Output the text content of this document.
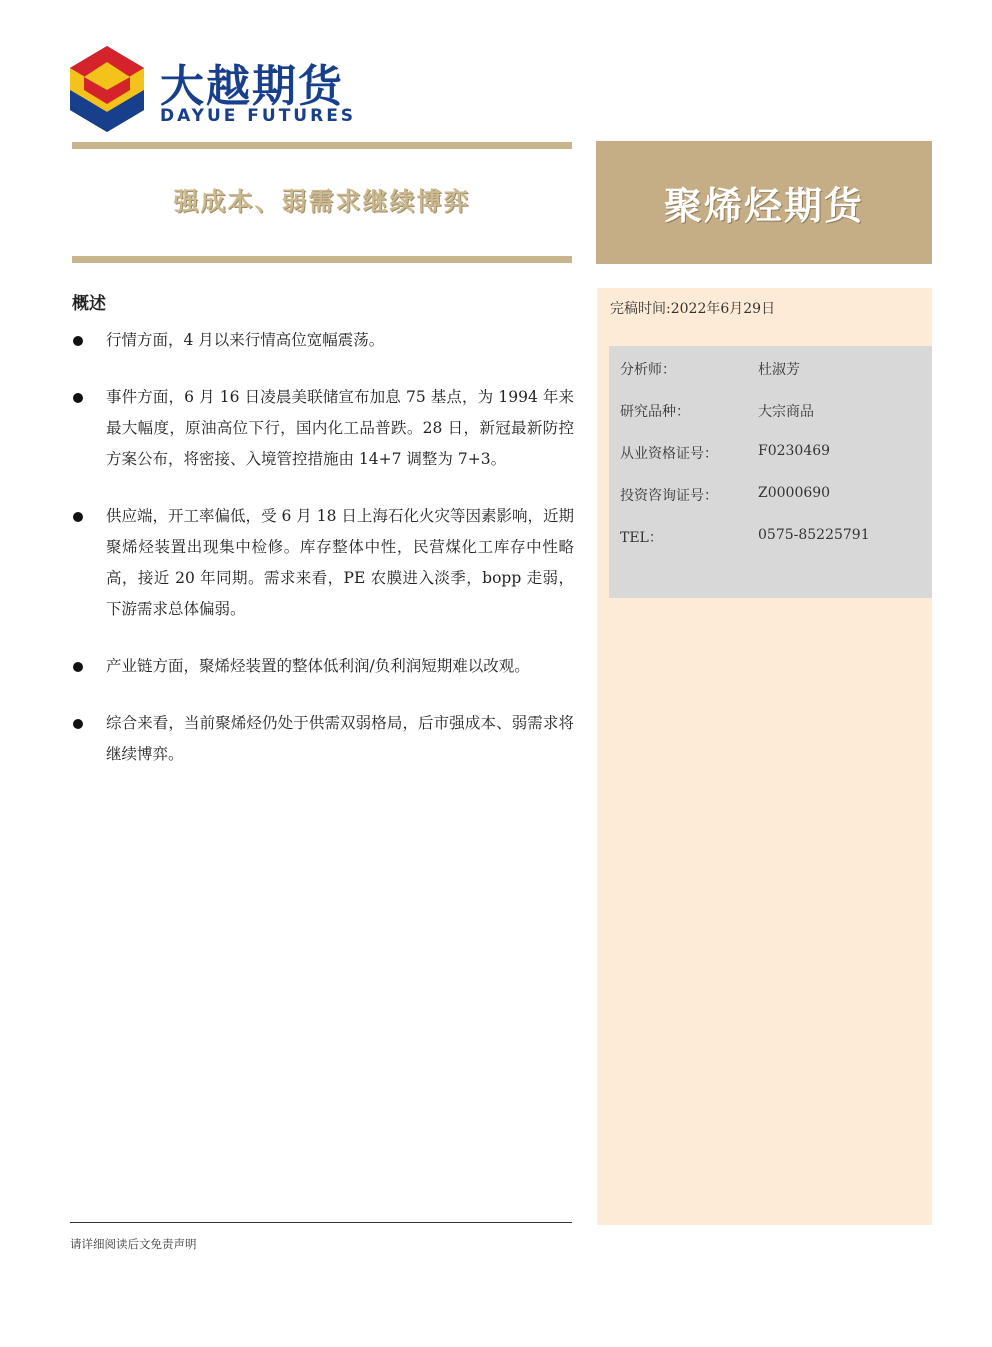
大越期货
DAYUE FUTURES
强成本、弱需求继续博弈	聚烯烃期货
完稿时间:2022年6月29日
分析师：	杜淑芳
研究品种：	大宗商品
从业资格证号：	F0230469
投资咨询证号：	Z0000690
TEL：	0575-85225791
概述
行情方面，4 月以来行情高位宽幅震荡。
事件方面，6 月 16 日凌晨美联储宣布加息 75 基点，为 1994 年来最大幅度，原油高位下行，国内化工品普跌。28 日，新冠最新防控方案公布，将密接、入境管控措施由 14+7 调整为 7+3。
供应端，开工率偏低，受 6 月 18 日上海石化火灾等因素影响，近期聚烯烃装置出现集中检修。库存整体中性，民营煤化工库存中性略高，接近 20 年同期。需求来看，PE 农膜进入淡季，bopp 走弱，下游需求总体偏弱。
产业链方面，聚烯烃装置的整体低利润/负利润短期难以改观。
综合来看，当前聚烯烃仍处于供需双弱格局，后市强成本、弱需求将继续博弈。
请详细阅读后文免责声明
